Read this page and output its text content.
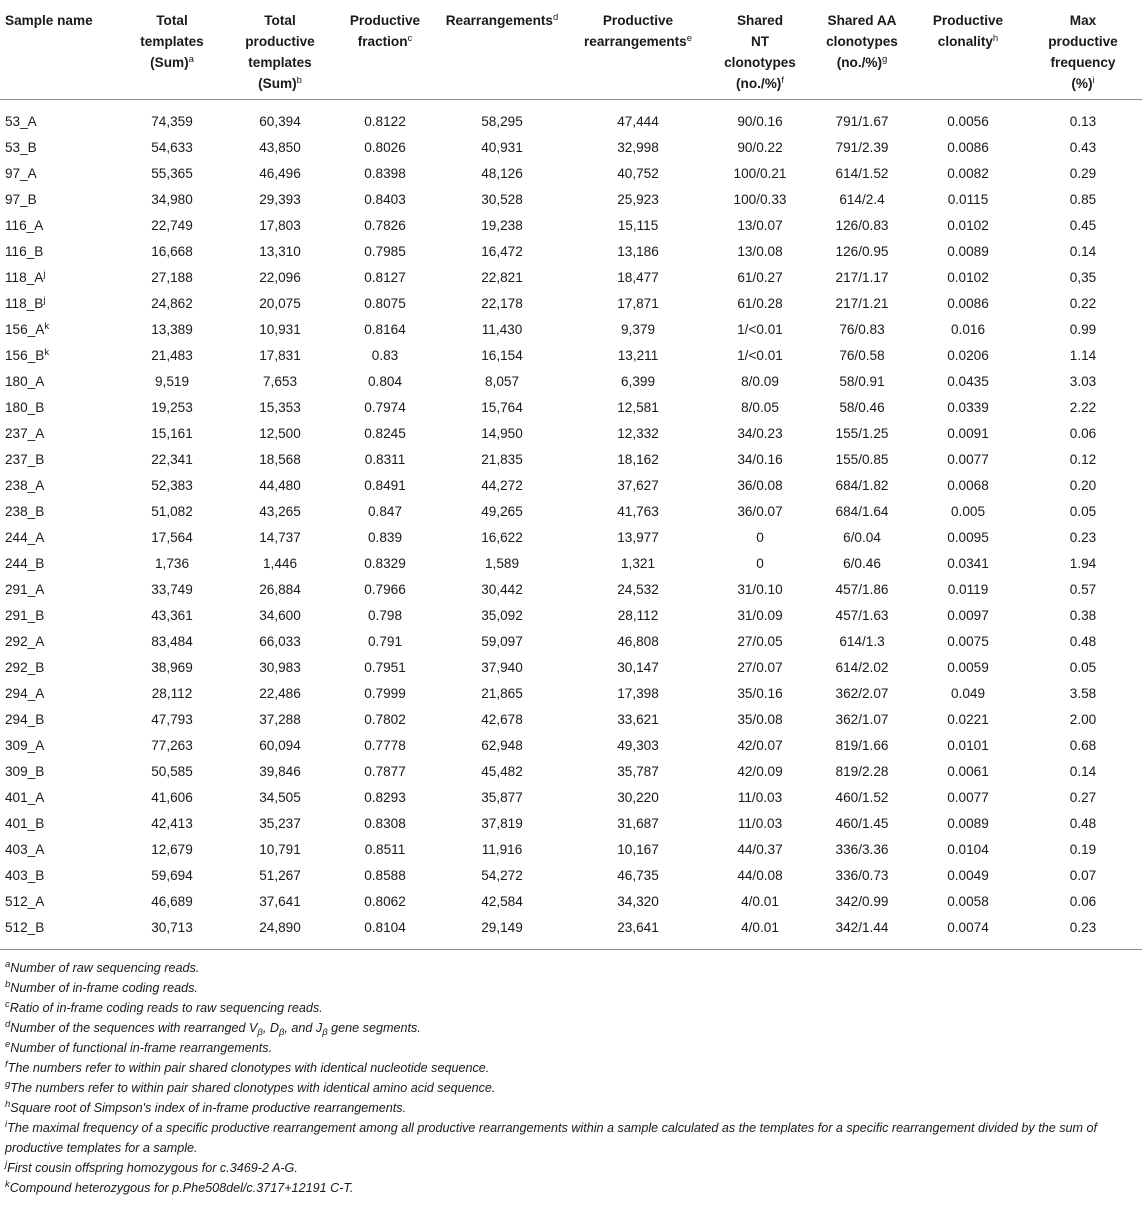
Sample name	Total
templates
(Sum)$^a$	Total
productive
templates
(Sum)$^b$	Productive
fraction$^c$	Rearrangements$^d$	Productive
rearrangements$^e$	Shared
NT
clonotypes
$(no./\%)^f$	Shared AA
clonotypes
$(no./\%)^g$	Productive
clonality$^h$	Max
productive
frequency
(%)$^i$
53_A	74,359	60,394	0.8122	58,295	47,444	90/0.16	791/1.67	0.0056	0.13
53_B	54,633	43,850	0.8026	40,931	32,998	90/0.22	791/2.39	0.0086	0.43
97_A	55,365	46,496	0.8398	48,126	40,752	100/0.21	614/1.52	0.0082	0.29
97_B	34,980	29,393	0.8403	30,528	25,923	100/0.33	614/2.4	0.0115	0.85
116_A	22,749	17,803	0.7826	19,238	15,115	13/0.07	126/0.83	0.0102	0.45
116_B	16,668	13,310	0.7985	16,472	13,186	13/0.08	126/0.95	0.0089	0.14
$118\_A^j$	27,188	22,096	0.8127	22,821	18,477	61/0.27	217/1.17	0.0102	0,35
$118\_B^j$	24,862	20,075	0.8075	22,178	17,871	61/0.28	217/1.21	0.0086	0.22
$156\_A^k$	13,389	10,931	0.8164	11,430	9,379	1/<0.01	76/0.83	0.016	0.99
$156\_B^k$	21,483	17,831	0.83	16,154	13,211	1/<0.01	76/0.58	0.0206	1.14
180_A	9,519	7,653	0.804	8,057	6,399	8/0.09	58/0.91	0.0435	3.03
180_B	19,253	15,353	0.7974	15,764	12,581	8/0.05	58/0.46	0.0339	2.22
237_A	15,161	12,500	0.8245	14,950	12,332	34/0.23	155/1.25	0.0091	0.06
237_B	22,341	18,568	0.8311	21,835	18,162	34/0.16	155/0.85	0.0077	0.12
238_A	52,383	44,480	0.8491	44,272	37,627	36/0.08	684/1.82	0.0068	0.20
238_B	51,082	43,265	0.847	49,265	41,763	36/0.07	684/1.64	0.005	0.05
244_A	17,564	14,737	0.839	16,622	13,977	0	6/0.04	0.0095	0.23
244_B	1,736	1,446	0.8329	1,589	1,321	0	6/0.46	0.0341	1.94
291_A	33,749	26,884	0.7966	30,442	24,532	31/0.10	457/1.86	0.0119	0.57
291_B	43,361	34,600	0.798	35,092	28,112	31/0.09	457/1.63	0.0097	0.38
292_A	83,484	66,033	0.791	59,097	46,808	27/0.05	614/1.3	0.0075	0.48
292_B	38,969	30,983	0.7951	37,940	30,147	27/0.07	614/2.02	0.0059	0.05
294_A	28,112	22,486	0.7999	21,865	17,398	35/0.16	362/2.07	0.049	3.58
294_B	47,793	37,288	0.7802	42,678	33,621	35/0.08	362/1.07	0.0221	2.00
309_A	77,263	60,094	0.7778	62,948	49,303	42/0.07	819/1.66	0.0101	0.68
309_B	50,585	39,846	0.7877	45,482	35,787	42/0.09	819/2.28	0.0061	0.14
401_A	41,606	34,505	0.8293	35,877	30,220	11/0.03	460/1.52	0.0077	0.27
401_B	42,413	35,237	0.8308	37,819	31,687	11/0.03	460/1.45	0.0089	0.48
403_A	12,679	10,791	0.8511	11,916	10,167	44/0.37	336/3.36	0.0104	0.19
403_B	59,694	51,267	0.8588	54,272	46,735	44/0.08	336/0.73	0.0049	0.07
512_A	46,689	37,641	0.8062	42,584	34,320	4/0.01	342/0.99	0.0058	0.06
512_B	30,713	24,890	0.8104	29,149	23,641	4/0.01	342/1.44	0.0074	0.23

$^a$Number of raw sequencing reads.

$^b$Number of in-frame coding reads.

$^c$Ratio of in-frame coding reads to raw sequencing reads.

$^d$Number of the sequences with rearranged $V_\beta$, $D_\beta$, and $J_\beta$ gene segments.

$^e$Number of functional in-frame rearrangements.

$^f$The numbers refer to within pair shared clonotypes with identical nucleotide sequence.

$^g$The numbers refer to within pair shared clonotypes with identical amino acid sequence.

$^h$Square root of Simpson's index of in-frame productive rearrangements.

$^i$The maximal frequency of a specific productive rearrangement among all productive rearrangements within a sample calculated as the templates for a specific rearrangement divided by the sum of productive templates for a sample.

$^j$First cousin offspring homozygous for c.3469-2 A-G.

$^k$Compound heterozygous for p.Phe508del/c.3717+12191 C-T.
